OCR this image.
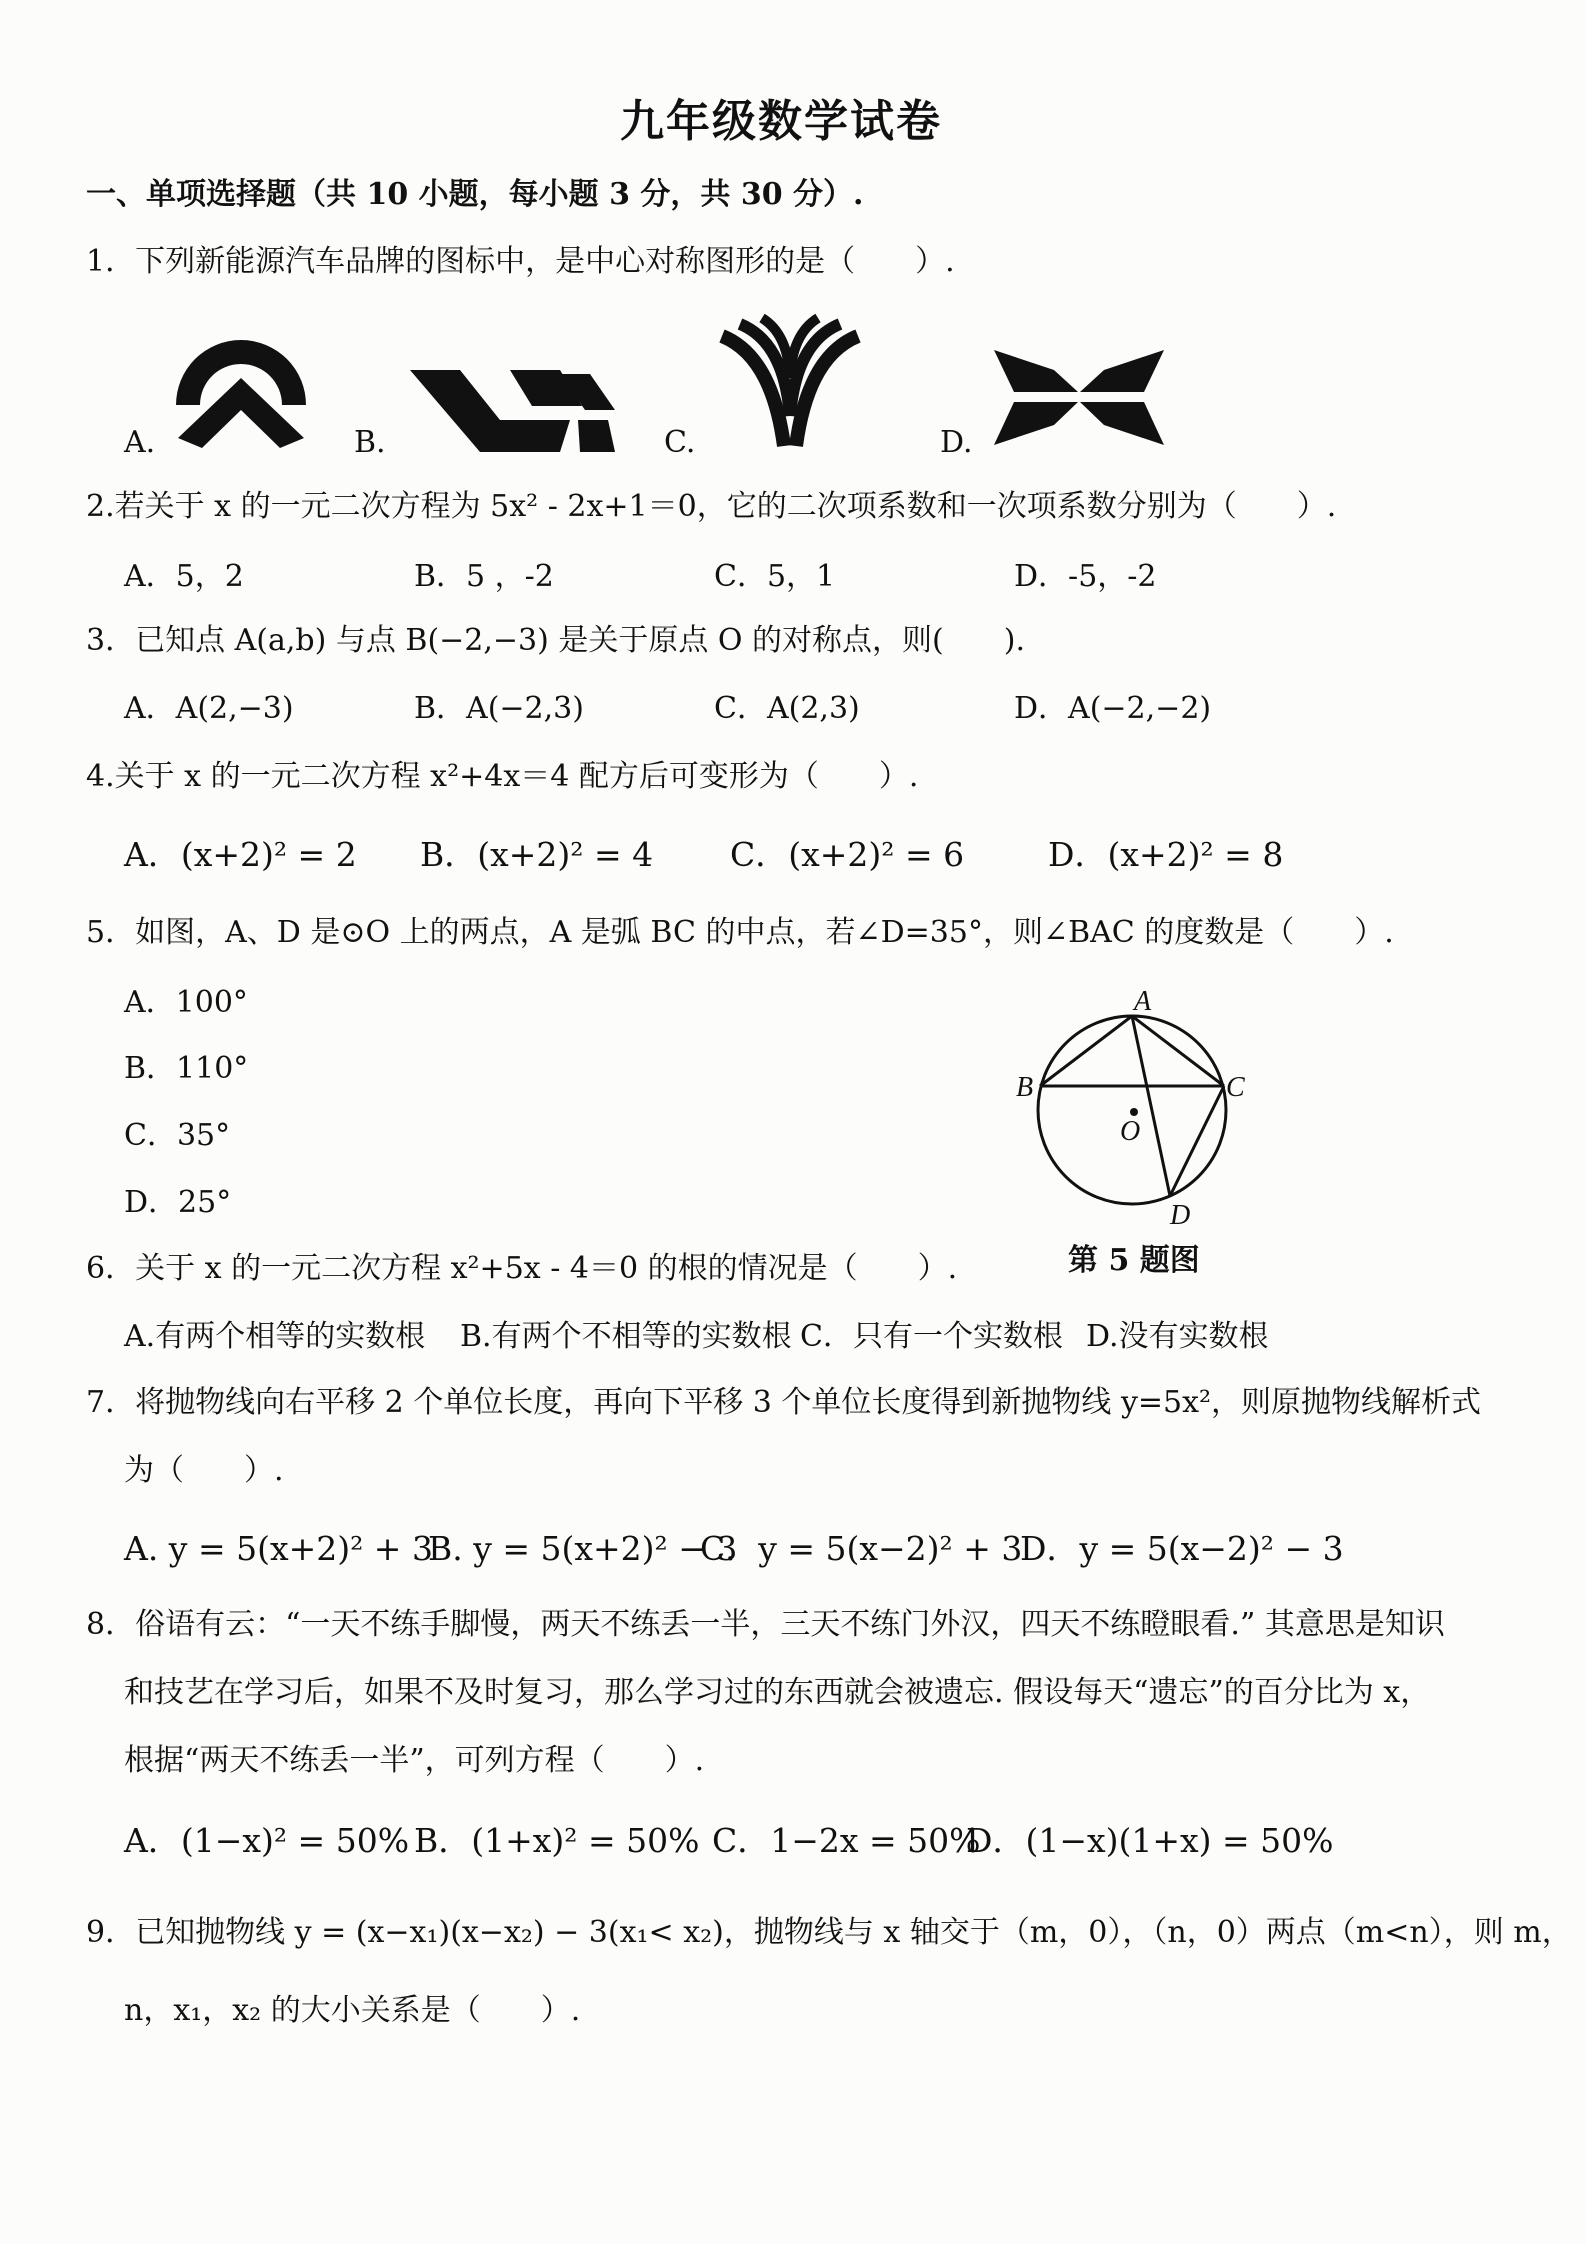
九年级数学试卷
一、单项选择题（共 10 小题，每小题 3 分，共 30 分）.
1．下列新能源汽车品牌的图标中，是中心对称图形的是（　　）.
A.	B.	C.	D.
2.若关于 x 的一元二次方程为 5x² - 2x+1＝0，它的二次项系数和一次项系数分别为（　　）.
A．5，2	B．5 ，-2	C．5，1	D．-5，-2
3．已知点 A(a,b) 与点 B(−2,−3) 是关于原点 O 的对称点，则(　　).
A．A(2,−3)	B．A(−2,3)	C．A(2,3)	D．A(−2,−2)
4.关于 x 的一元二次方程 x²+4x＝4 配方后可变形为（　　）.
A．(x+2)² = 2 B．(x+2)² = 4 C．(x+2)² = 6	D．(x+2)² = 8
5．如图，A、D 是⊙O 上的两点，A 是弧 BC 的中点，若∠D=35°，则∠BAC 的度数是（　　）.
A．100°
B．110°
C．35°
D．25°
A
B	C
D
O
第 5 题图
6．关于 x 的一元二次方程 x²+5x - 4＝0 的根的情况是（　　）.
A.有两个相等的实数根 B.有两个不相等的实数根 C．只有一个实数根 D.没有实数根
7．将抛物线向右平移 2 个单位长度，再向下平移 3 个单位长度得到新抛物线 y=5x²，则原抛物线解析式
为（　　）.
A. y = 5(x+2)² + 3
B. y = 5(x+2)² − 3
C．y = 5(x−2)² + 3
D．y = 5(x−2)² − 3
8．俗语有云：“一天不练手脚慢，两天不练丢一半，三天不练门外汉，四天不练瞪眼看.” 其意思是知识
和技艺在学习后，如果不及时复习，那么学习过的东西就会被遗忘. 假设每天“遗忘”的百分比为 x，
根据“两天不练丢一半”，可列方程（　　）.
A．(1−x)² = 50% B．(1+x)² = 50% C．1−2x = 50%
D．(1−x)(1+x) = 50%
9．已知抛物线 y = (x−x₁)(x−x₂) − 3(x₁< x₂)，抛物线与 x 轴交于（m，0），（n，0）两点（m<n），则 m，
n，x₁，x₂ 的大小关系是（　　）.
